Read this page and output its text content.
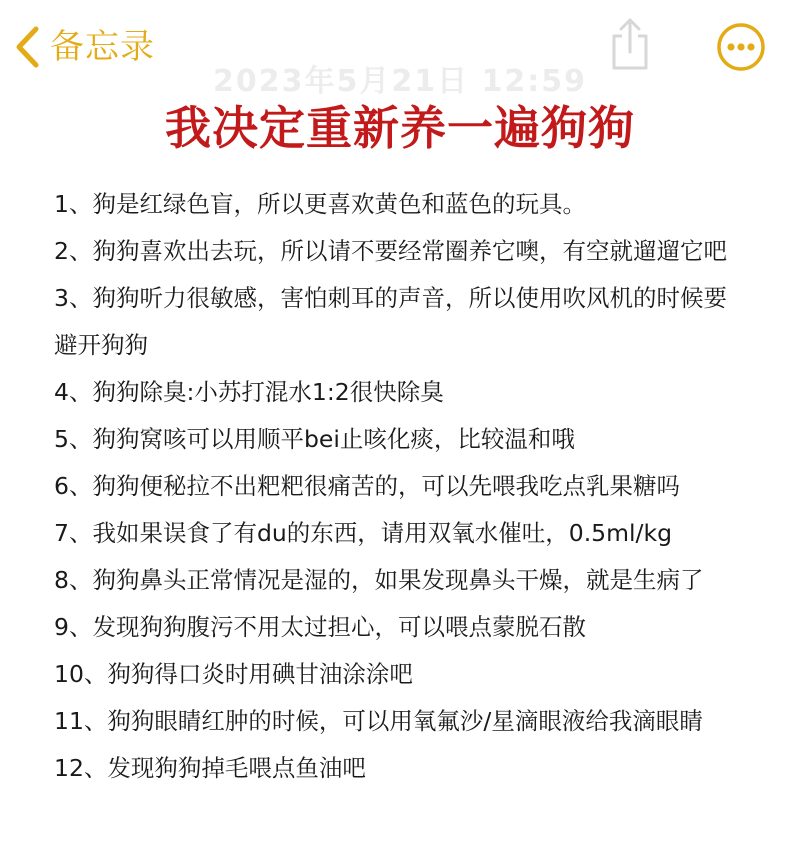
2023年5月21日 12:59
备忘录
我决定重新养一遍狗狗
1、狗是红绿色盲，所以更喜欢黄色和蓝色的玩具。
2、狗狗喜欢出去玩，所以请不要经常圈养它噢，有空就遛遛它吧
3、狗狗听力很敏感，害怕刺耳的声音，所以使用吹风机的时候要避开狗狗
4、狗狗除臭:小苏打混水1:2很快除臭
5、狗狗窝咳可以用顺平bei止咳化痰，比较温和哦
6、狗狗便秘拉不出粑粑很痛苦的，可以先喂我吃点乳果糖吗
7、我如果误食了有du的东西，请用双氧水催吐，0.5ml/kg
8、狗狗鼻头正常情况是湿的，如果发现鼻头干燥，就是生病了
9、发现狗狗腹污不用太过担心，可以喂点蒙脱石散
10、狗狗得口炎时用碘甘油涂涂吧
11、狗狗眼睛红肿的时候，可以用氧氟沙/星滴眼液给我滴眼睛
12、发现狗狗掉毛喂点鱼油吧
